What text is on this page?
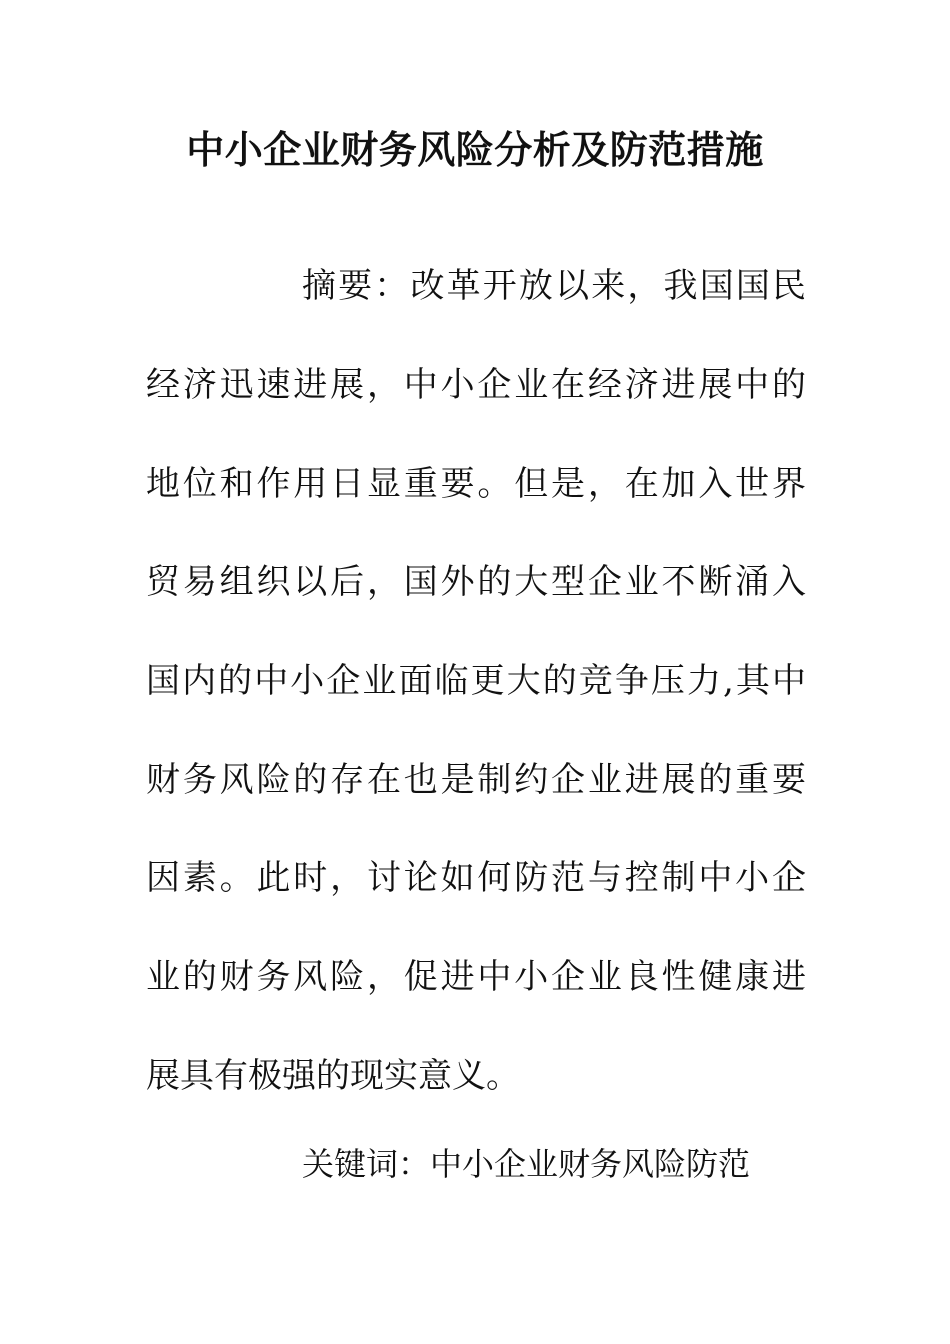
中小企业财务风险分析及防范措施
摘要：改革开放以来，我国国民
经济迅速进展，中小企业在经济进展中的
地位和作用日显重要。但是，在加入世界
贸易组织以后，国外的大型企业不断涌入
国内的中小企业面临更大的竞争压力,其中
财务风险的存在也是制约企业进展的重要
因素。此时，讨论如何防范与控制中小企
业的财务风险，促进中小企业良性健康进
展具有极强的现实意义。
关键词：中小企业财务风险防范
